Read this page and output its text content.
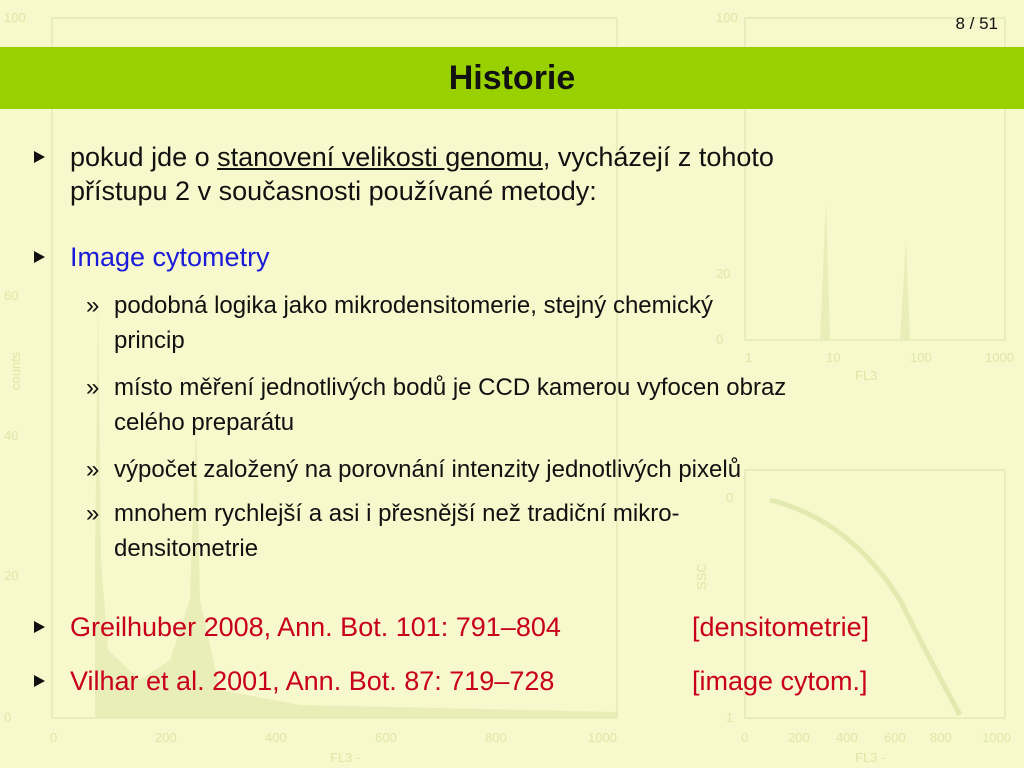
100
60
40
20
0
0	200	400	600	800	1000
FL3 -
counts
100
20
0
1	10	100	1000
FL3
0
1
0	200 400 600 800 1000
FL3 -
SSC
8 / 51
Historie
pokud jde o stanovení velikosti genomu, vycházejí z tohoto
přístupu 2 v současnosti používané metody:
Image cytometry
» podobná logika jako mikrodensitomerie, stejný chemický
princip
» místo měření jednotlivých bodů je CCD kamerou vyfocen obraz
celého preparátu
» výpočet založený na porovnání intenzity jednotlivých pixelů
» mnohem rychlejší a asi i přesnější než tradiční mikro-
densitometrie
Greilhuber 2008, Ann. Bot. 101: 791–804	[densitometrie]
Vilhar et al. 2001, Ann. Bot. 87: 719–728	[image cytom.]
